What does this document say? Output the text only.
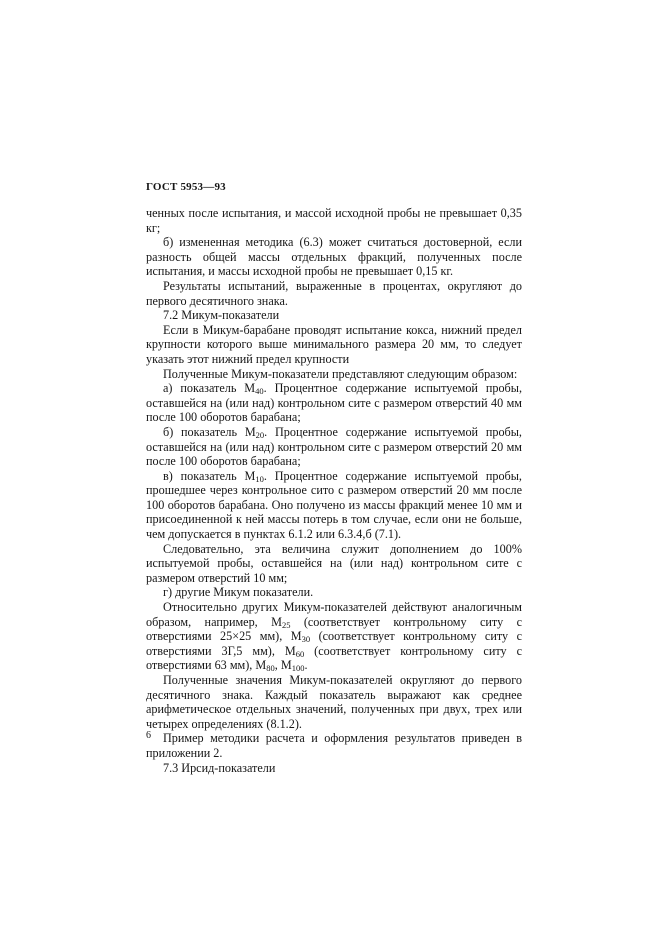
ГОСТ 5953—93

ченных после испытания, и массой исходной пробы не превышает 0,35 кг;

б) измененная методика (6.3) может считаться достоверной, если разность общей массы отдельных фракций, полученных после испытания, и массы исходной пробы не превышает 0,15 кг.

Результаты испытаний, выраженные в процентах, округляют до первого десятичного знака.

7.2 Микум-показатели

Если в Микум-барабане проводят испытание кокса, нижний предел крупности которого выше минимального размера 20 мм, то следует указать этот нижний предел крупности

Полученные Микум-показатели представляют следующим образом:

а) показатель $М_{40}$. Процентное содержание испытуемой пробы, оставшейся на (или над) контрольном сите с размером отверстий 40 мм после 100 оборотов барабана;

б) показатель $М_{20}$. Процентное содержание испытуемой пробы, оставшейся на (или над) контрольном сите с размером отверстий 20 мм после 100 оборотов барабана;

в) показатель $М_{10}$. Процентное содержание испытуемой пробы, прошедшее через контрольное сито с размером отверстий 20 мм после 100 оборотов барабана. Оно получено из массы фракций менее 10 мм и присоединенной к ней массы потерь в том случае, если они не больше, чем допускается в пунктах 6.1.2 или 6.3.4,б (7.1).

Следовательно, эта величина служит дополнением до 100% испытуемой пробы, оставшейся на (или над) контрольном сите с размером отверстий 10 мм;

г) другие Микум показатели.

Относительно других Микум-показателей действуют аналогичным образом, например, $М_{25}$ (соответствует контрольному ситу с отверстиями 25×25 мм), $М_{30}$ (соответствует контрольному ситу с отверстиями 3Г,5 мм), $М_{60}$ (соответствует контрольному ситу с отверстиями 63 мм), $М_{80}$, $М_{100}$.

Полученные значения Микум-показателей округляют до первого десятичного знака. Каждый показатель выражают как среднее арифметическое отдельных значений, полученных при двух, трех или четырех определениях (8.1.2).

Пример методики расчета и оформления результатов приведен в приложении 2.

7.3 Ирсид-показатели

6
